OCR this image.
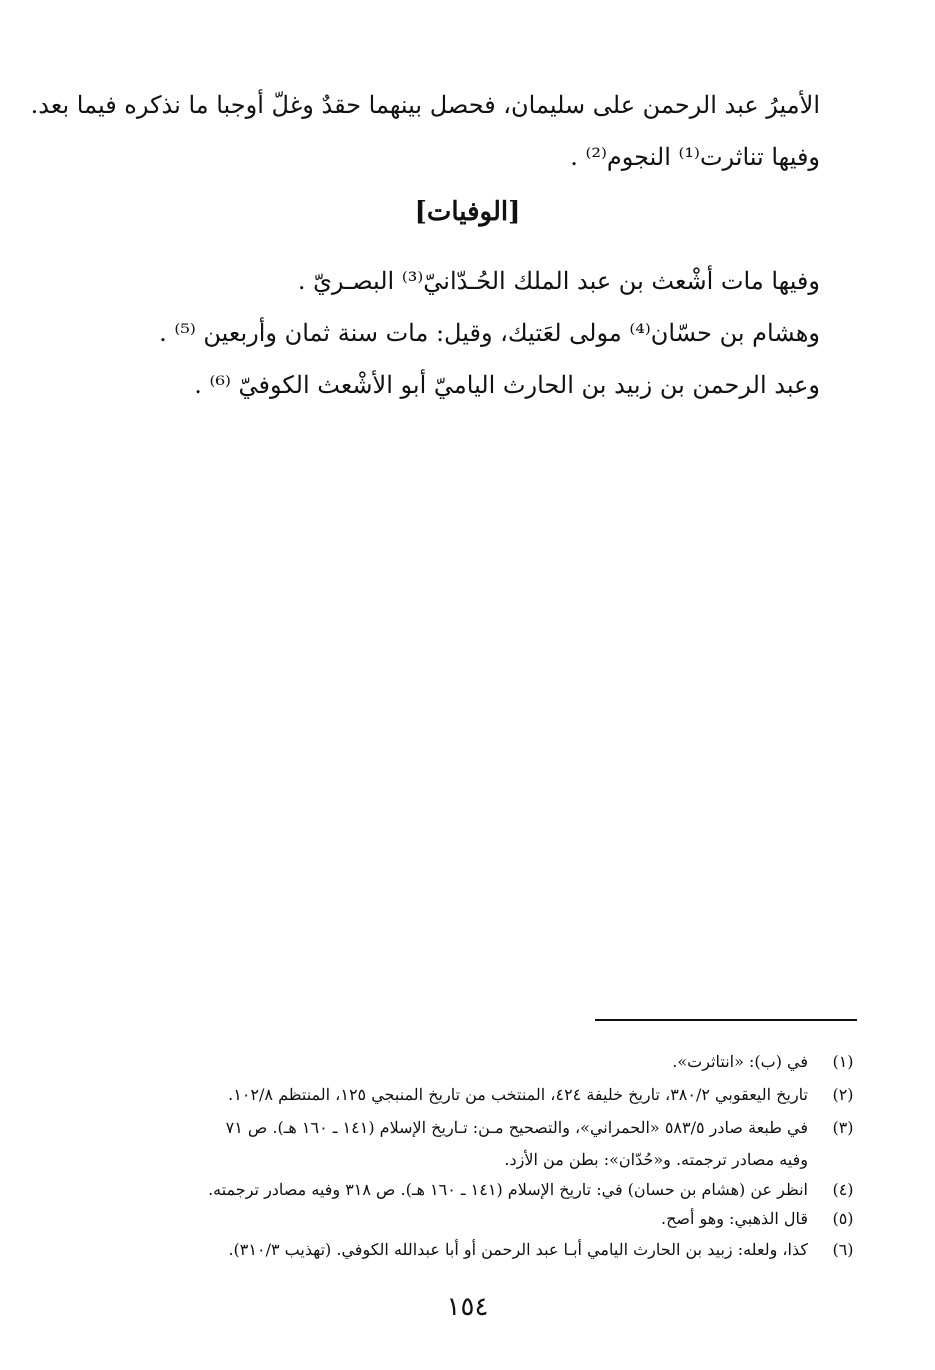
الأميرُ عبد الرحمن على سليمان، فحصل بينهما حقدٌ وغلّ أوجبا ما نذكره فيما بعد.
وفيها تناثرت⁽¹⁾ النجوم⁽²⁾ .
[الوفيات]
وفيها مات أشْعث بن عبد الملك الحُـدّانيّ⁽³⁾ البصـريّ .
وهشام بن حسّان⁽⁴⁾ مولى لعَتيك، وقيل: مات سنة ثمان وأربعين ⁽⁵⁾ .
وعبد الرحمن بن زبيد بن الحارث الياميّ أبو الأشْعث الكوفيّ ⁽⁶⁾ .
(١)
في (ب): «انتاثرت».
(٢)
تاريخ اليعقوبي ٣٨٠/٢، تاريخ خليفة ٤٢٤، المنتخب من تاريخ المنبجي ١٢٥، المنتظم ١٠٢/٨.
(٣)
في طبعة صادر ٥٨٣/٥ «الحمراني»، والتصحيح مـن: تـاريخ الإسلام (١٤١ ـ ١٦٠ هـ). ص ٧١
وفيه مصادر ترجمته. و«حُدّان»: بطن من الأزد.
(٤)
انظر عن (هشام بن حسان) في: تاريخ الإسلام (١٤١ ـ ١٦٠ هـ). ص ٣١٨ وفيه مصادر ترجمته.
(٥)
قال الذهبي: وهو أصح.
(٦)
كذا، ولعله: زبيد بن الحارث اليامي أبـا عبد الرحمن أو أبا عبدالله الكوفي. (تهذيب ٣١٠/٣).
١٥٤
